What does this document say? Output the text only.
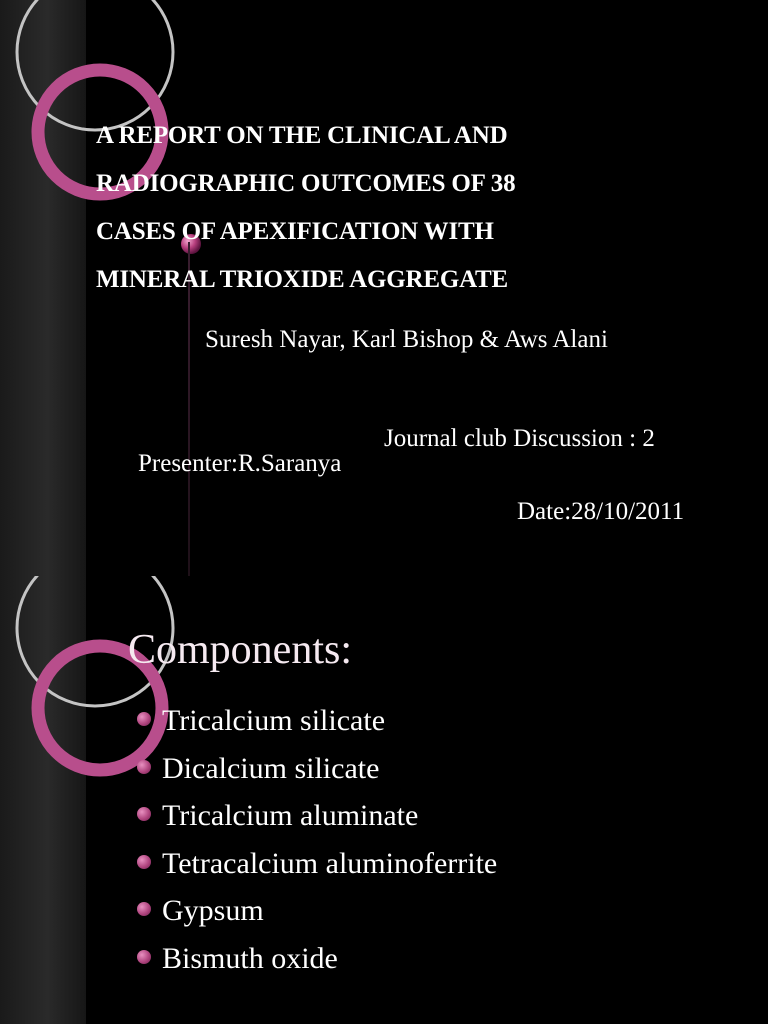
A REPORT ON THE CLINICAL AND
RADIOGRAPHIC OUTCOMES OF 38
CASES OF APEXIFICATION WITH
MINERAL TRIOXIDE AGGREGATE
Suresh Nayar, Karl Bishop & Aws Alani
Journal club Discussion : 2
Presenter:R.Saranya
Date:28/10/2011
Components:
Tricalcium silicate
Dicalcium silicate
Tricalcium aluminate
Tetracalcium aluminoferrite
Gypsum
Bismuth oxide
